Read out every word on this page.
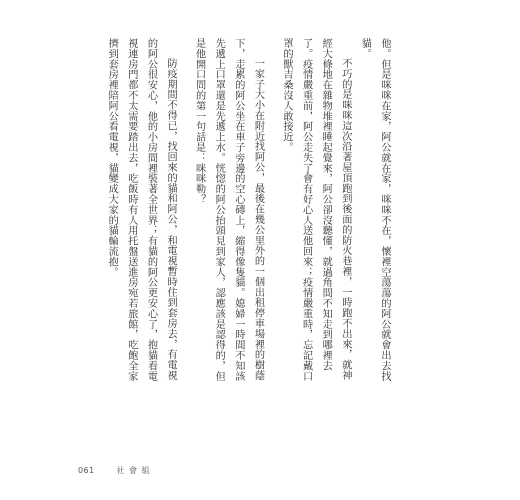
他。但是咪咪在家，阿公就在家，咪咪不在，懷裡空蕩蕩的阿公就會出去找貓。

不巧的是咪咪這次沿著屋頂跑到後面的防火巷裡，一時跑不出來，就神經大條地在雜物堆裡睡起覺來，阿公卻沒聽懂，就過角間不知走到哪裡去了。疫情嚴重前，阿公走失了會有好心人送他回來；疫情嚴重時，忘記戴口罩的獸吉桑沒人敢接近。

一家子大小在附近找阿公，最後在幾公里外的一個出租停車場裡的樹蔭下，走累的阿公坐在車子旁邊的空心磚上，縮得像隻貓。媳婦一時間不知該先遞上口罩還是先遞上水。恍惚的阿公抬頭見到家人，認應該是認得的，但是他開口問的第一句話是：咪咪勒？

防疫期間不得已，找回來的貓和阿公，和電視暫時住到套房去，有電視的阿公很安心，他的小房間裡裝著全世界；有貓的阿公更安心了，抱貓看電視連房門都不太需要踏出去，吃飯時有人用托盤送進房宛若旅館，吃飽全家擠到套房裡陪阿公看電視，貓變成大家的貓輪流抱。

061	社 會 組
